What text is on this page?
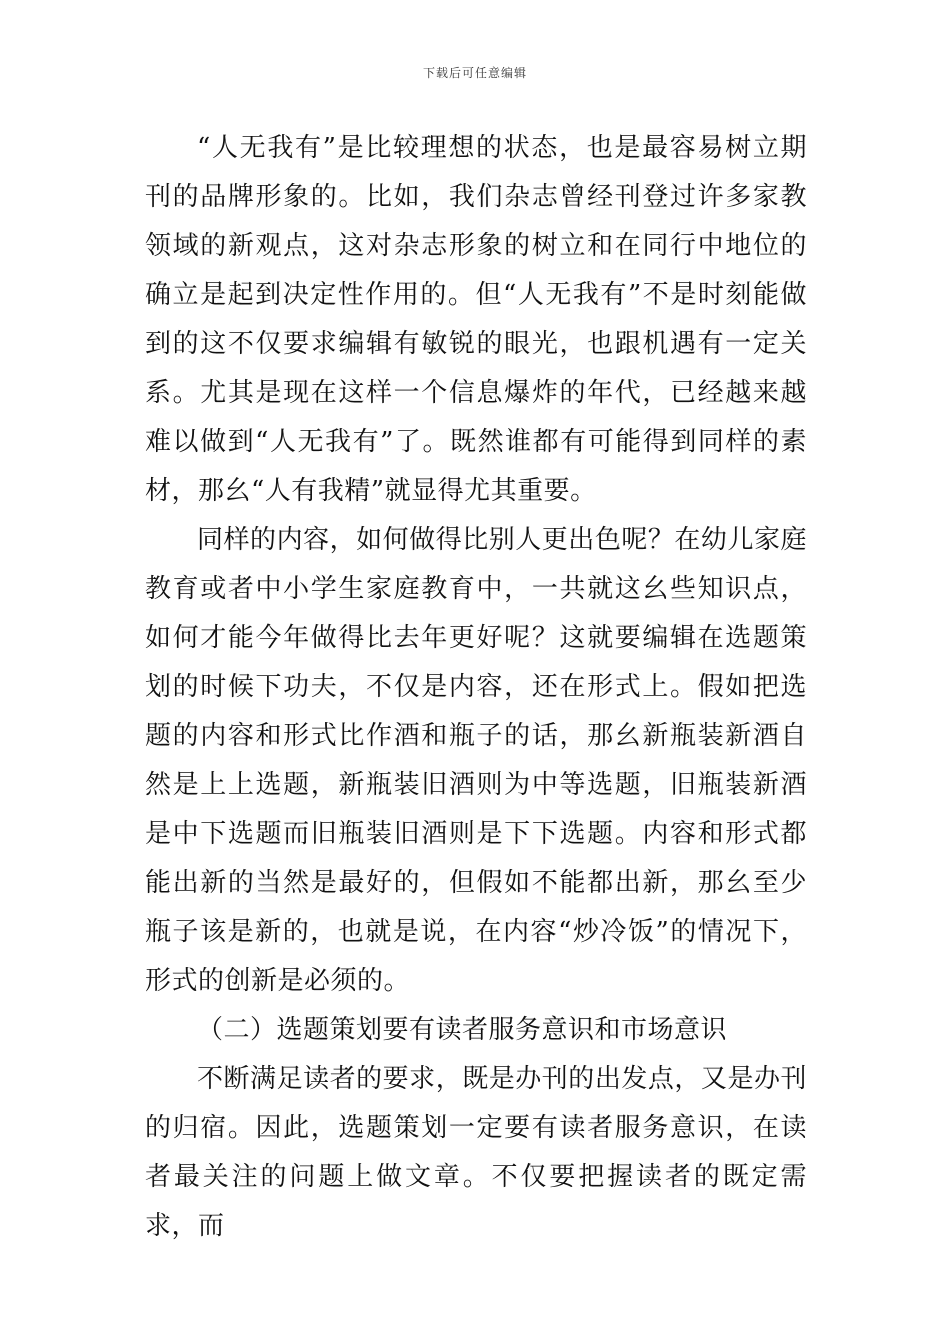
下载后可任意编辑

“人无我有”是比较理想的状态，也是最容易树立期刊的品牌形象的。比如，我们杂志曾经刊登过许多家教领域的新观点，这对杂志形象的树立和在同行中地位的确立是起到决定性作用的。但“人无我有”不是时刻能做到的这不仅要求编辑有敏锐的眼光，也跟机遇有一定关系。尤其是现在这样一个信息爆炸的年代，已经越来越难以做到“人无我有”了。既然谁都有可能得到同样的素材，那幺“人有我精”就显得尤其重要。

同样的内容，如何做得比别人更出色呢？在幼儿家庭教育或者中小学生家庭教育中，一共就这幺些知识点，如何才能今年做得比去年更好呢？这就要编辑在选题策划的时候下功夫，不仅是内容，还在形式上。假如把选题的内容和形式比作酒和瓶子的话，那幺新瓶装新酒自然是上上选题，新瓶装旧酒则为中等选题，旧瓶装新酒是中下选题而旧瓶装旧酒则是下下选题。内容和形式都能出新的当然是最好的，但假如不能都出新，那幺至少瓶子该是新的，也就是说，在内容“炒冷饭”的情况下，形式的创新是必须的。

（二）选题策划要有读者服务意识和市场意识

不断满足读者的要求，既是办刊的出发点，又是办刊的归宿。因此，选题策划一定要有读者服务意识，在读者最关注的问题上做文章。不仅要把握读者的既定需求，而
